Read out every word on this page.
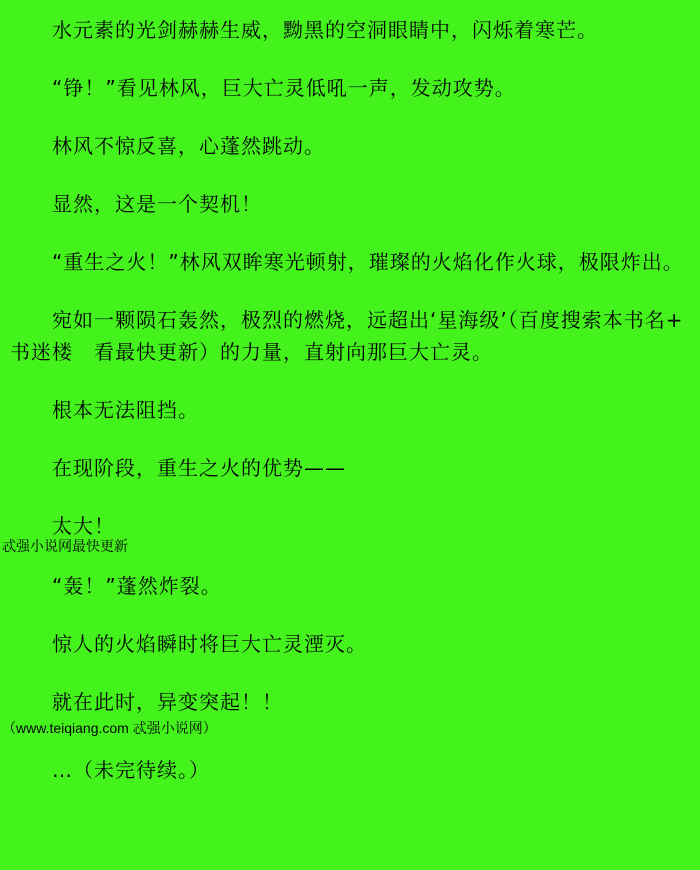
水元素的光剑赫赫生威，黝黑的空洞眼睛中，闪烁着寒芒。

“铮！”看见林风，巨大亡灵低吼一声，发动攻势。

林风不惊反喜，心蓬然跳动。

显然，这是一个契机！

“重生之火！”林风双眸寒光顿射，璀璨的火焰化作火球，极限炸出。

宛如一颗陨石轰然，极烈的燃烧，远超出‘星海级’（百度搜索本书名+ 书迷楼　看最快更新）的力量，直射向那巨大亡灵。

根本无法阻挡。

在现阶段，重生之火的优势——

太大！

忒强小说网最快更新

“轰！”蓬然炸裂。

惊人的火焰瞬时将巨大亡灵湮灭。

就在此时，异变突起！！

（www.teiqiang.com 忒强小说网）

…（未完待续。）
